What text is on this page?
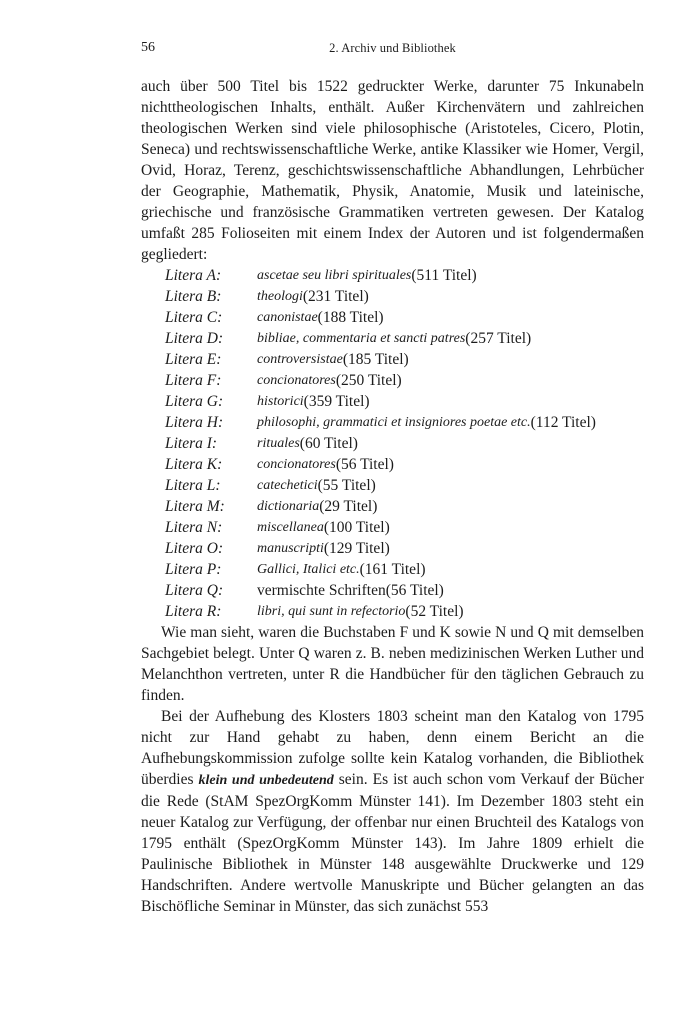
56	2. Archiv und Bibliothek

auch über 500 Titel bis 1522 gedruckter Werke, darunter 75 Inkunabeln nichttheologischen Inhalts, enthält. Außer Kirchenvätern und zahlreichen theologischen Werken sind viele philosophische (Aristoteles, Cicero, Plotin, Seneca) und rechtswissenschaftliche Werke, antike Klassiker wie Homer, Vergil, Ovid, Horaz, Terenz, geschichtswissenschaftliche Abhandlungen, Lehrbücher der Geographie, Mathematik, Physik, Anatomie, Musik und lateinische, griechische und französische Grammatiken vertreten gewesen. Der Katalog umfaßt 285 Folioseiten mit einem Index der Autoren und ist folgendermaßen gegliedert:

Litera A:	ascetae seu libri spirituales (511 Titel)
Litera B:	theologi (231 Titel)
Litera C:	canonistae (188 Titel)
Litera D:	bibliae, commentaria et sancti patres (257 Titel)
Litera E:	controversistae (185 Titel)
Litera F:	concionatores (250 Titel)
Litera G:	historici (359 Titel)
Litera H:	philosophi, grammatici et insigniores poetae etc. (112 Titel)
Litera I:	rituales (60 Titel)
Litera K:	concionatores (56 Titel)
Litera L:	catechetici (55 Titel)
Litera M:	dictionaria (29 Titel)
Litera N:	miscellanea (100 Titel)
Litera O:	manuscripti (129 Titel)
Litera P:	Gallici, Italici etc. (161 Titel)
Litera Q:	vermischte Schriften (56 Titel)
Litera R:	libri, qui sunt in refectorio (52 Titel)

Wie man sieht, waren die Buchstaben F und K sowie N und Q mit demselben Sachgebiet belegt. Unter Q waren z. B. neben medizinischen Werken Luther und Melanchthon vertreten, unter R die Handbücher für den täglichen Gebrauch zu finden.

Bei der Aufhebung des Klosters 1803 scheint man den Katalog von 1795 nicht zur Hand gehabt zu haben, denn einem Bericht an die Aufhebungskommission zufolge sollte kein Katalog vorhanden, die Bibliothek überdies klein und unbedeutend sein. Es ist auch schon vom Verkauf der Bücher die Rede (StAM SpezOrgKomm Münster 141). Im Dezember 1803 steht ein neuer Katalog zur Verfügung, der offenbar nur einen Bruchteil des Katalogs von 1795 enthält (SpezOrgKomm Münster 143). Im Jahre 1809 erhielt die Paulinische Bibliothek in Münster 148 ausgewählte Druckwerke und 129 Handschriften. Andere wertvolle Manuskripte und Bücher gelangten an das Bischöfliche Seminar in Münster, das sich zunächst 553
